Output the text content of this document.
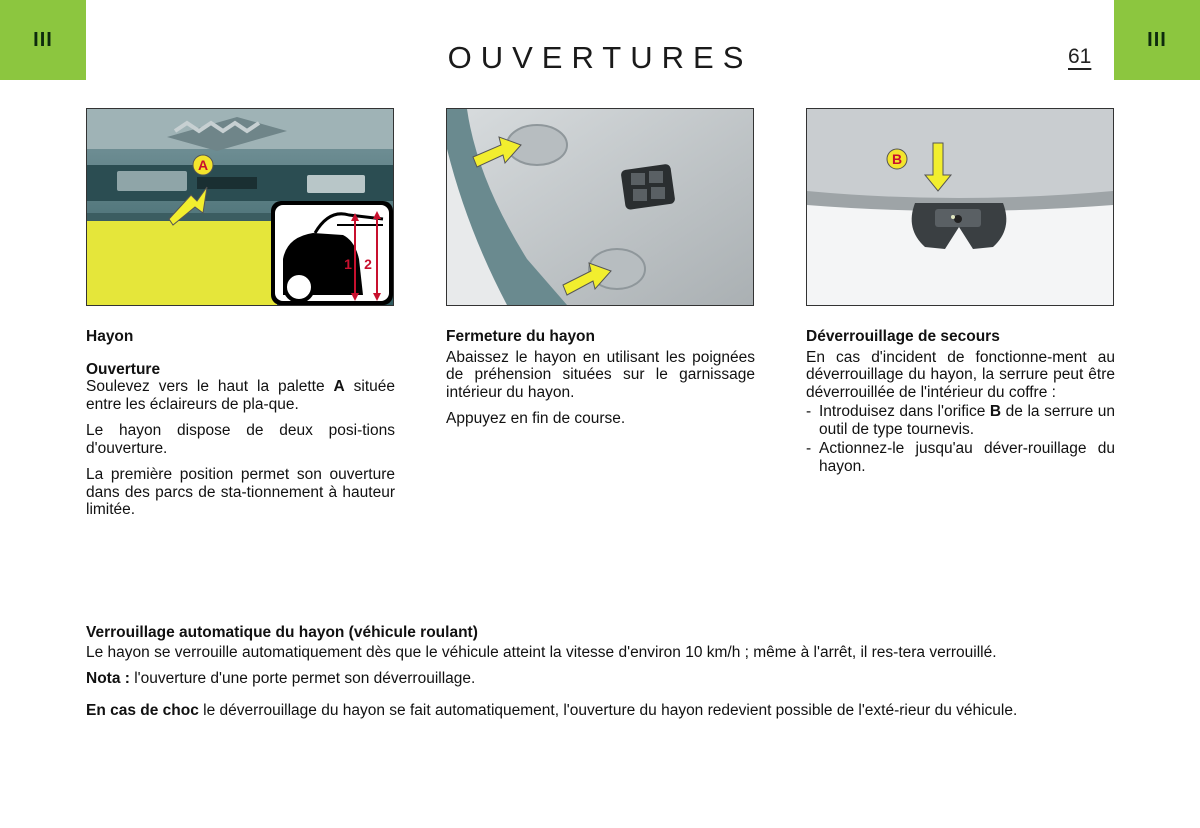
III
OUVERTURES	61
III
A
1 2
B
Hayon
Ouverture

Soulevez vers le haut la palette A située entre les éclaireurs de pla-que.

Le hayon dispose de deux posi-tions d'ouverture.

La première position permet son ouverture dans des parcs de sta-tionnement à hauteur limitée.

Fermeture du hayon

Abaissez le hayon en utilisant les poignées de préhension situées sur le garnissage intérieur du hayon.

Appuyez en fin de course.

Déverrouillage de secours

En cas d'incident de fonctionne-ment au déverrouillage du hayon, la serrure peut être déverrouillée de l'intérieur du coffre :

- Introduisez dans l'orifice B de la serrure un outil de type tournevis.
- Actionnez-le jusqu'au déver-rouillage du hayon.
Verrouillage automatique du hayon (véhicule roulant)

Le hayon se verrouille automatiquement dès que le véhicule atteint la vitesse d'environ 10 km/h ; même à l'arrêt, il res-tera verrouillé.

Nota : l'ouverture d'une porte permet son déverrouillage.

En cas de choc le déverrouillage du hayon se fait automatiquement, l'ouverture du hayon redevient possible de l'exté-rieur du véhicule.
